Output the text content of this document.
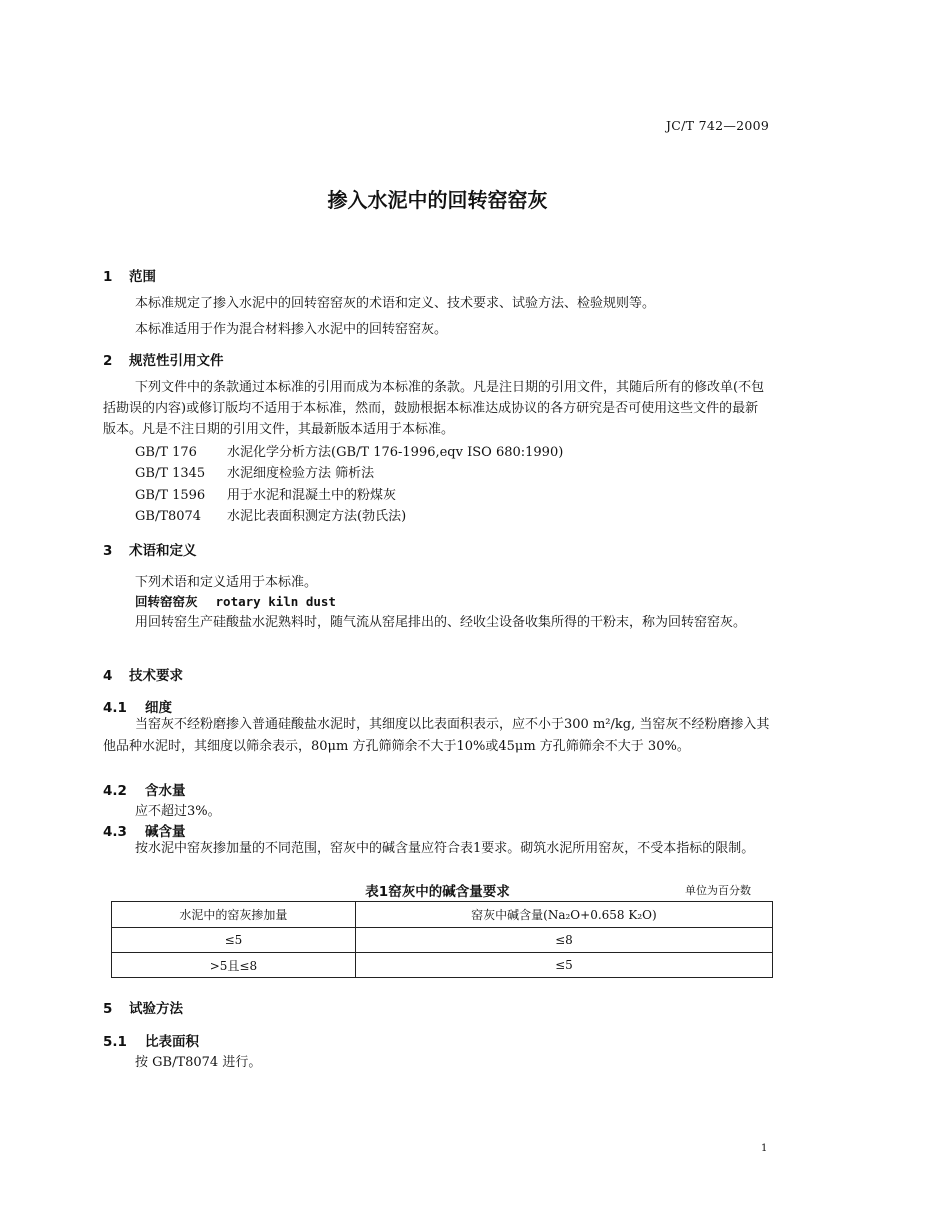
JC/T 742—2009
掺入水泥中的回转窑窑灰
1 范围
本标准规定了掺入水泥中的回转窑窑灰的术语和定义、技术要求、试验方法、检验规则等。
本标准适用于作为混合材料掺入水泥中的回转窑窑灰。
2 规范性引用文件
下列文件中的条款通过本标准的引用而成为本标准的条款。凡是注日期的引用文件，其随后所有的修改单(不包括勘误的内容)或修订版均不适用于本标准，然而，鼓励根据本标准达成协议的各方研究是否可使用这些文件的最新版本。凡是不注日期的引用文件，其最新版本适用于本标准。
GB/T 176 水泥化学分析方法(GB/T 176-1996,eqv ISO 680:1990)
GB/T 1345 水泥细度检验方法 筛析法
GB/T 1596 用于水泥和混凝土中的粉煤灰
GB/T8074 水泥比表面积测定方法(勃氏法)
3 术语和定义
下列术语和定义适用于本标准。
回转窑窑灰 rotary kiln dust
用回转窑生产硅酸盐水泥熟料时，随气流从窑尾排出的、经收尘设备收集所得的干粉末，称为回转窑窑灰。
4 技术要求
4.1 细度
当窑灰不经粉磨掺入普通硅酸盐水泥时，其细度以比表面积表示，应不小于300 m²/kg, 当窑灰不经粉磨掺入其他品种水泥时，其细度以筛余表示，80μm 方孔筛筛余不大于10%或45μm 方孔筛筛余不大于 30%。
4.2 含水量
应不超过3%。
4.3 碱含量
按水泥中窑灰掺加量的不同范围，窑灰中的碱含量应符合表1要求。砌筑水泥所用窑灰，不受本指标的限制。
表1窑灰中的碱含量要求	单位为百分数
水泥中的窑灰掺加量	窑灰中碱含量(Na₂O+0.658 K₂O)
≤5	≤8
>5且≤8	≤5
5 试验方法
5.1 比表面积
按 GB/T8074 进行。
1
